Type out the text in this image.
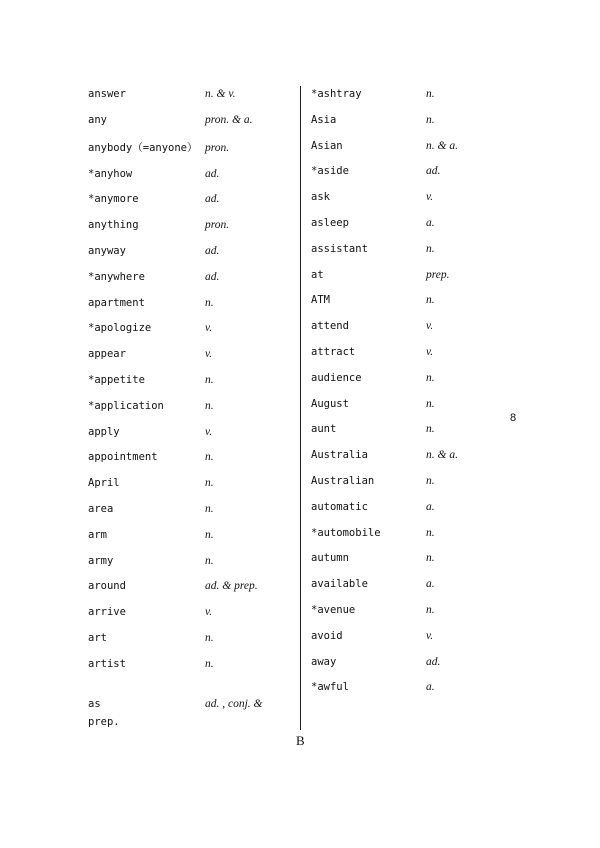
answer	n. & v.
any	pron. & a.
anybody（=anyone） pron.
*anyhow	ad.
*anymore	ad.
anything	pron.
anyway	ad.
*anywhere	ad.
apartment	n.
*apologize	v.
appear	v.
*appetite	n.
*application	n.
apply	v.
appointment	n.
April	n.
area	n.
arm	n.
army	n.
around	ad. & prep.
arrive	v.
art	n.
artist	n.
as	ad. , conj. &
prep.
*ashtray	n.
Asia	n.
Asian	n. & a.
*aside	ad.
ask	v.
asleep	a.
assistant	n.
at	prep.
ATM	n.
attend	v.
attract	v.
audience	n.
August	n.
aunt	n.
Australia	n. & a.
Australian	n.
automatic	a.
*automobile	n.
autumn	n.
available	a.
*avenue	n.
avoid	v.
away	ad.
*awful	a.
8
B
